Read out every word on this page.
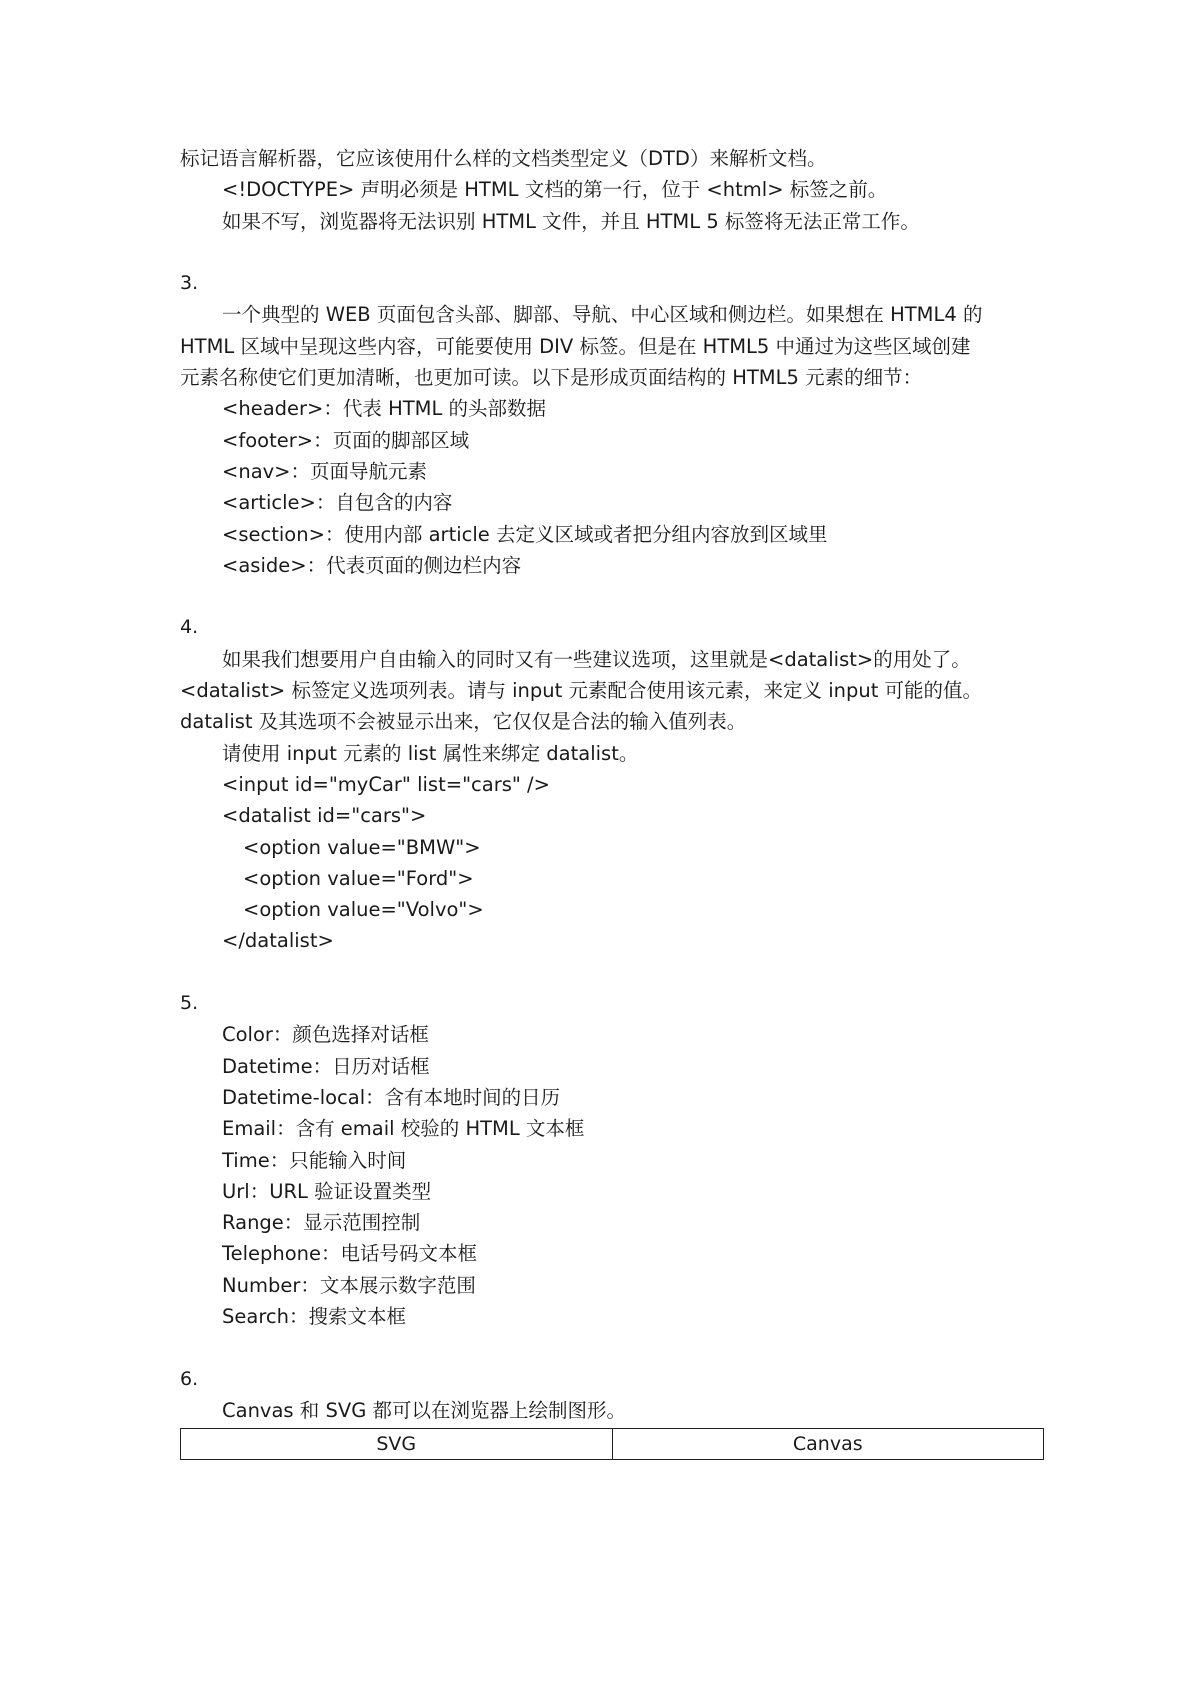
标记语言解析器，它应该使用什么样的文档类型定义（DTD）来解析文档。
<!DOCTYPE> 声明必须是 HTML 文档的第一行，位于 <html> 标签之前。
如果不写，浏览器将无法识别 HTML 文件，并且 HTML 5 标签将无法正常工作。
3.
一个典型的 WEB 页面包含头部、脚部、导航、中心区域和侧边栏。如果想在 HTML4 的
HTML 区域中呈现这些内容，可能要使用 DIV 标签。但是在 HTML5 中通过为这些区域创建
元素名称使它们更加清晰，也更加可读。以下是形成页面结构的 HTML5 元素的细节：
<header>：代表 HTML 的头部数据
<footer>：页面的脚部区域
<nav>：页面导航元素
<article>：自包含的内容
<section>：使用内部 article 去定义区域或者把分组内容放到区域里
<aside>：代表页面的侧边栏内容
4.
如果我们想要用户自由输入的同时又有一些建议选项，这里就是<datalist>的用处了。
<datalist> 标签定义选项列表。请与 input 元素配合使用该元素，来定义 input 可能的值。
datalist 及其选项不会被显示出来，它仅仅是合法的输入值列表。
请使用 input 元素的 list 属性来绑定 datalist。
<input id="myCar" list="cars" />
<datalist id="cars">
<option value="BMW">
<option value="Ford">
<option value="Volvo">
</datalist>
5.
Color：颜色选择对话框
Datetime：日历对话框
Datetime-local：含有本地时间的日历
Email：含有 email 校验的 HTML 文本框
Time：只能输入时间
Url：URL 验证设置类型
Range：显示范围控制
Telephone：电话号码文本框
Number：文本展示数字范围
Search：搜索文本框
6.
Canvas 和 SVG 都可以在浏览器上绘制图形。
SVG	Canvas
